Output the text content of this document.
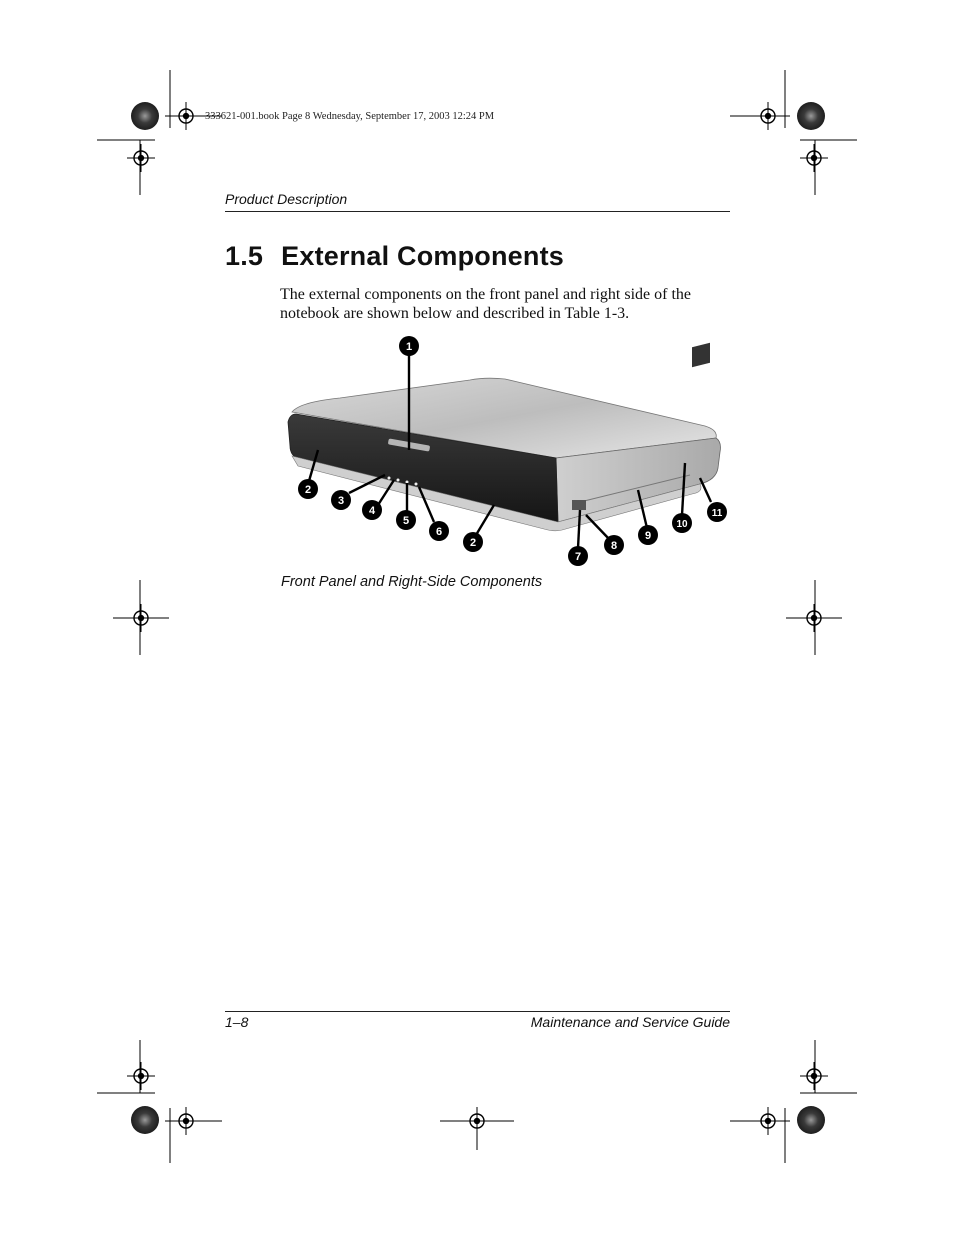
333621-001.book Page 8 Wednesday, September 17, 2003 12:24 PM
Product Description
1.5 External Components
The external components on the front panel and right side of the notebook are shown below and described in Table 1-3.
1
2
3
4
5
6
2
7
8
9
10
11
Front Panel and Right-Side Components
1–8	Maintenance and Service Guide
